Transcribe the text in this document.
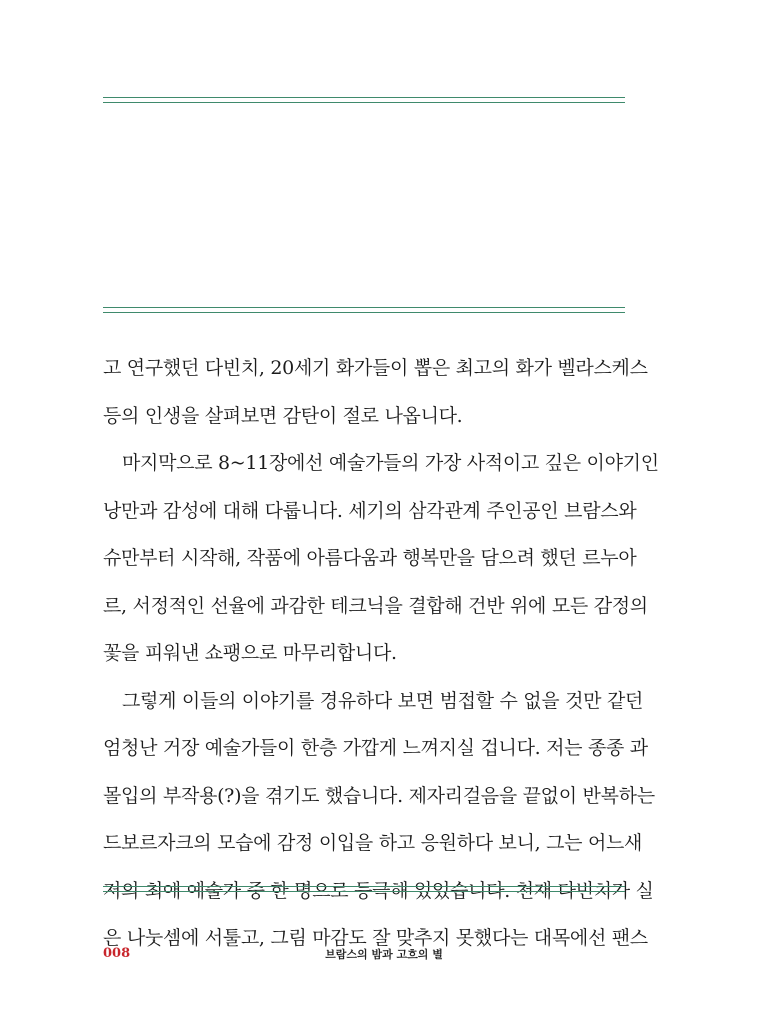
고 연구했던 다빈치, 20세기 화가들이 뽑은 최고의 화가 벨라스케스
등의 인생을 살펴보면 감탄이 절로 나옵니다.
마지막으로 8~11장에선 예술가들의 가장 사적이고 깊은 이야기인
낭만과 감성에 대해 다룹니다. 세기의 삼각관계 주인공인 브람스와
슈만부터 시작해, 작품에 아름다움과 행복만을 담으려 했던 르누아
르, 서정적인 선율에 과감한 테크닉을 결합해 건반 위에 모든 감정의
꽃을 피워낸 쇼팽으로 마무리합니다.
그렇게 이들의 이야기를 경유하다 보면 범접할 수 없을 것만 같던
엄청난 거장 예술가들이 한층 가깝게 느껴지실 겁니다. 저는 종종 과
몰입의 부작용(?)을 겪기도 했습니다. 제자리걸음을 끝없이 반복하는
드보르자크의 모습에 감정 이입을 하고 응원하다 보니, 그는 어느새
저의 최애 예술가 중 한 명으로 등극해 있었습니다. 천재 다빈치가 실
은 나눗셈에 서툴고, 그림 마감도 잘 맞추지 못했다는 대목에선 팬스
008	브람스의 밤과 고흐의 별
